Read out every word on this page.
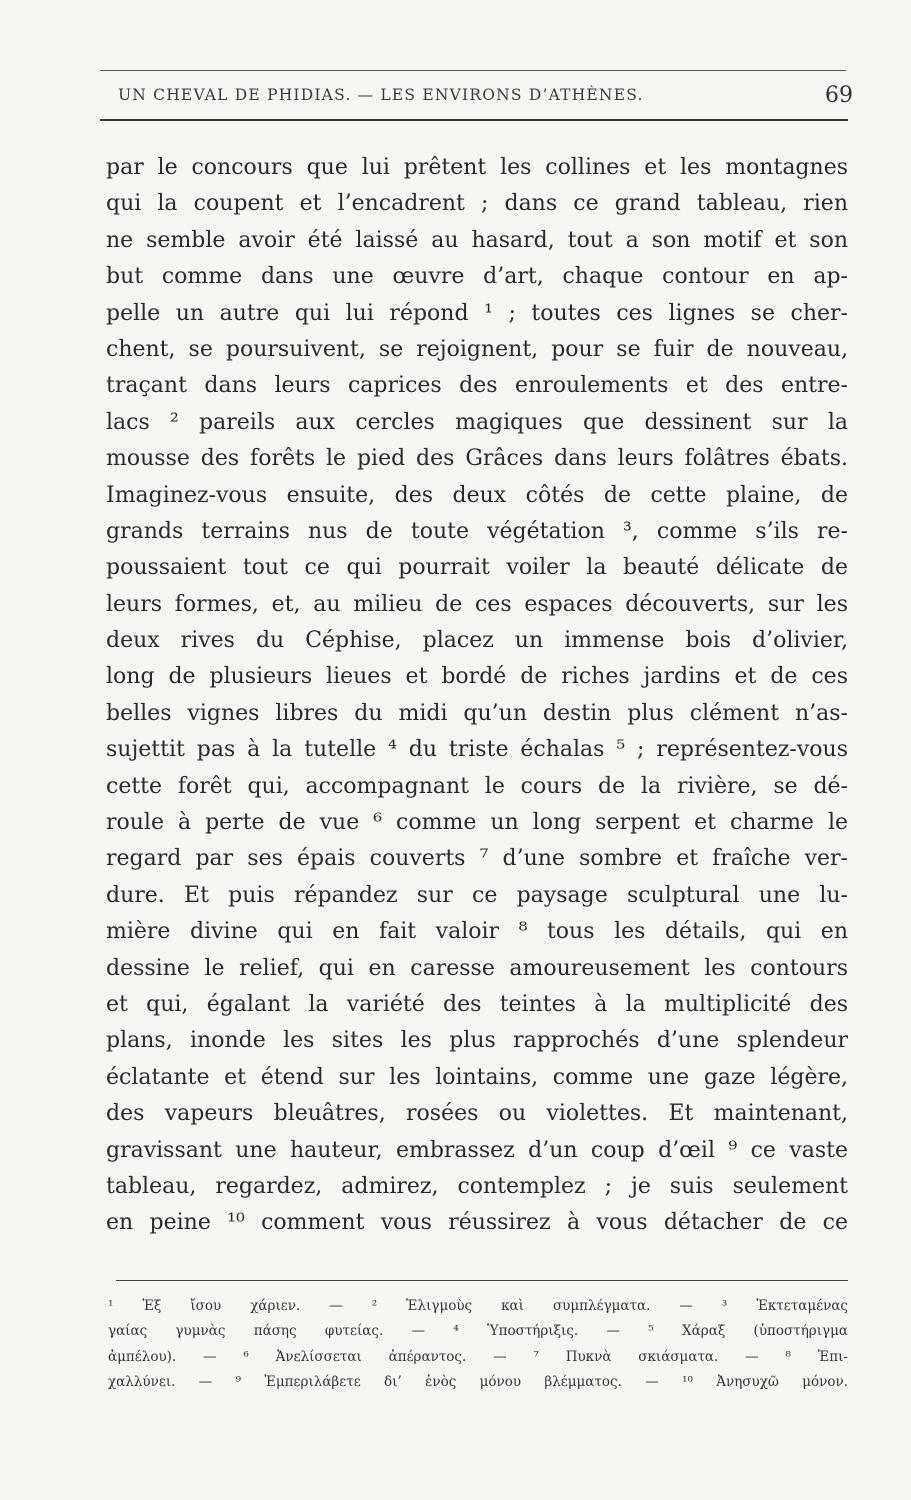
UN CHEVAL DE PHIDIAS. — LES ENVIRONS D’ATHÈNES.	69
par le concours que lui prêtent les collines et les montagnes
qui la coupent et l’encadrent ; dans ce grand tableau, rien
ne semble avoir été laissé au hasard, tout a son motif et son
but comme dans une œuvre d’art, chaque contour en ap-
pelle un autre qui lui répond ¹ ; toutes ces lignes se cher-
chent, se poursuivent, se rejoignent, pour se fuir de nouveau,
traçant dans leurs caprices des enroulements et des entre-
lacs ² pareils aux cercles magiques que dessinent sur la
mousse des forêts le pied des Grâces dans leurs folâtres ébats.
Imaginez-vous ensuite, des deux côtés de cette plaine, de
grands terrains nus de toute végétation ³, comme s’ils re-
poussaient tout ce qui pourrait voiler la beauté délicate de
leurs formes, et, au milieu de ces espaces découverts, sur les
deux rives du Céphise, placez un immense bois d’olivier,
long de plusieurs lieues et bordé de riches jardins et de ces
belles vignes libres du midi qu’un destin plus clément n’as-
sujettit pas à la tutelle ⁴ du triste échalas ⁵ ; représentez-vous
cette forêt qui, accompagnant le cours de la rivière, se dé-
roule à perte de vue ⁶ comme un long serpent et charme le
regard par ses épais couverts ⁷ d’une sombre et fraîche ver-
dure. Et puis répandez sur ce paysage sculptural une lu-
mière divine qui en fait valoir ⁸ tous les détails, qui en
dessine le relief, qui en caresse amoureusement les contours
et qui, égalant la variété des teintes à la multiplicité des
plans, inonde les sites les plus rapprochés d’une splendeur
éclatante et étend sur les lointains, comme une gaze légère,
des vapeurs bleuâtres, rosées ou violettes. Et maintenant,
gravissant une hauteur, embrassez d’un coup d’œil ⁹ ce vaste
tableau, regardez, admirez, contemplez ; je suis seulement
en peine ¹⁰ comment vous réussirez à vous détacher de ce
¹ Ἐξ ἴσου χάριεν. — ² Ἑλιγμοὺς καὶ συμπλέγματα. — ³ Ἐκτεταμένας
γαίας γυμνὰς πάσης φυτείας. — ⁴ Ὑποστήριξις. — ⁵ Χάραξ (ὑποστήριγμα
ἀμπέλου). — ⁶ Ἀνελίσσεται ἀπέραντος. — ⁷ Πυκνὰ σκιάσματα. — ⁸ Ἐπι-
χαλλύνει. — ⁹ Ἐμπεριλάβετε δι’ ἑνὸς μόνου βλέμματος. — ¹⁰ Ἀνησυχῶ μόνον.
